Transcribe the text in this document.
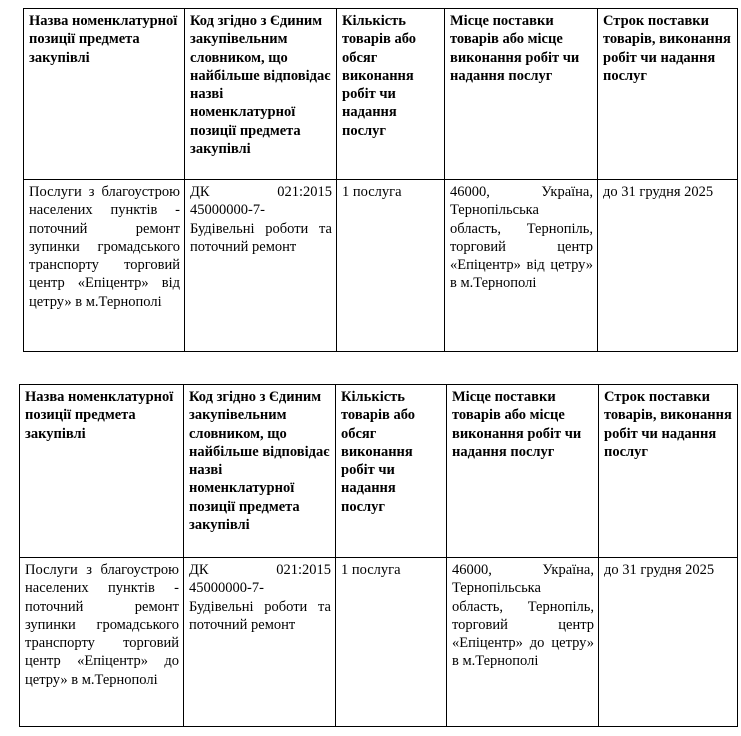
Назва номенклатурної позиції предмета закупівлі	Код згідно з Єдиним закупівельним словником, що найбільше відповідає назві номенклатурної позиції предмета закупівлі	Кількість товарів або обсяг виконання робіт чи надання послуг	Місце поставки товарів або місце виконання робіт чи надання послуг	Строк поставки товарів, виконання робіт чи надання послуг
Послуги з благоустрою населених пунктів - поточний ремонт зупинки громадського транспорту торговий центр «Епіцентр» від цетру» в м.Тернополі	ДК 021:2015 45000000-7- Будівельні роботи та поточний ремонт	1 послуга	46000, Україна, Тернопільська область, Тернопіль, торговий центр «Епіцентр» від цетру» в м.Тернополі	до 31 грудня 2025
Назва номенклатурної позиції предмета закупівлі	Код згідно з Єдиним закупівельним словником, що найбільше відповідає назві номенклатурної позиції предмета закупівлі	Кількість товарів або обсяг виконання робіт чи надання послуг	Місце поставки товарів або місце виконання робіт чи надання послуг	Строк поставки товарів, виконання робіт чи надання послуг
Послуги з благоустрою населених пунктів - поточний ремонт зупинки громадського транспорту торговий центр «Епіцентр» до цетру» в м.Тернополі	ДК 021:2015 45000000-7- Будівельні роботи та поточний ремонт	1 послуга	46000, Україна, Тернопільська область, Тернопіль, торговий центр «Епіцентр» до цетру» в м.Тернополі	до 31 грудня 2025
